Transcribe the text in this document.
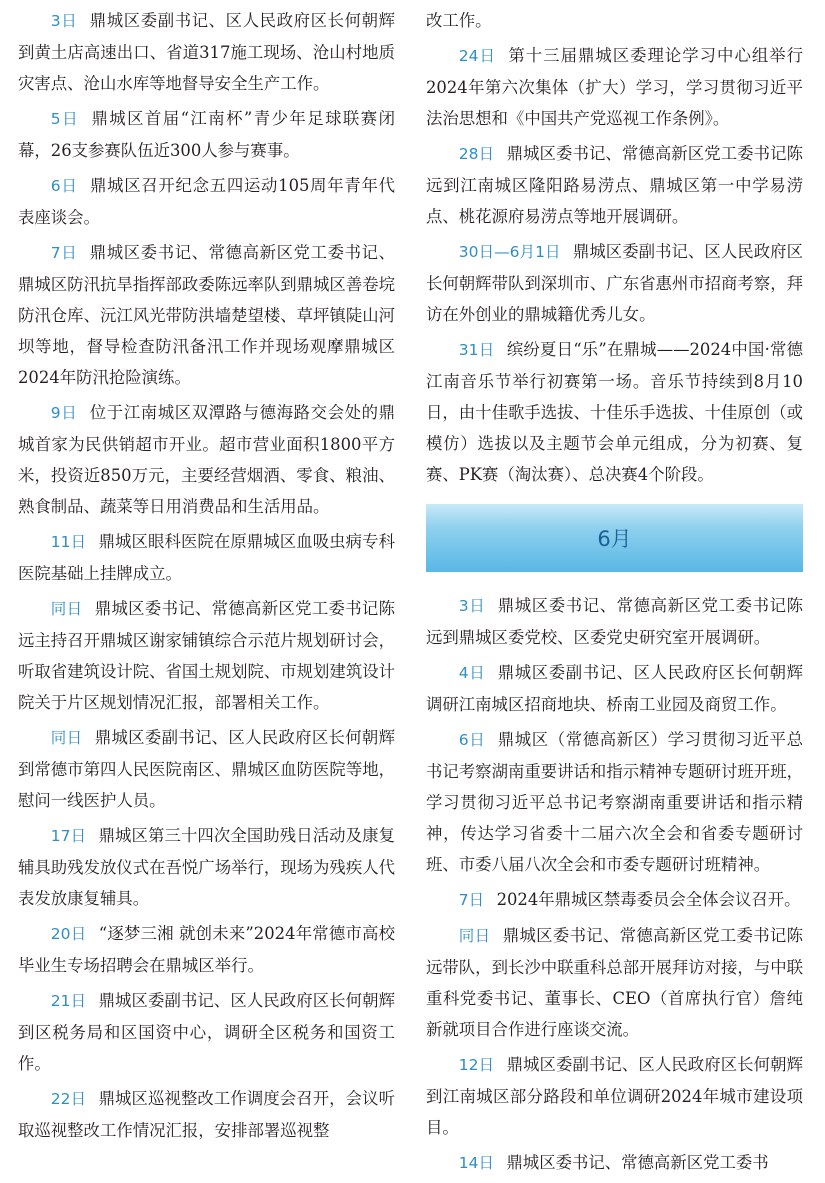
3日 鼎城区委副书记、区人民政府区长何朝辉到黄土店高速出口、省道317施工现场、沧山村地质灾害点、沧山水库等地督导安全生产工作。

5日 鼎城区首届“江南杯”青少年足球联赛闭幕，26支参赛队伍近300人参与赛事。

6日 鼎城区召开纪念五四运动105周年青年代表座谈会。

7日 鼎城区委书记、常德高新区党工委书记、鼎城区防汛抗旱指挥部政委陈远率队到鼎城区善卷垸防汛仓库、沅江风光带防洪墙楚望楼、草坪镇陡山河坝等地，督导检查防汛备汛工作并现场观摩鼎城区2024年防汛抢险演练。

9日 位于江南城区双潭路与德海路交会处的鼎城首家为民供销超市开业。超市营业面积1800平方米，投资近850万元，主要经营烟酒、零食、粮油、熟食制品、蔬菜等日用消费品和生活用品。

11日 鼎城区眼科医院在原鼎城区血吸虫病专科医院基础上挂牌成立。

同日 鼎城区委书记、常德高新区党工委书记陈远主持召开鼎城区谢家铺镇综合示范片规划研讨会，听取省建筑设计院、省国土规划院、市规划建筑设计院关于片区规划情况汇报，部署相关工作。

同日 鼎城区委副书记、区人民政府区长何朝辉到常德市第四人民医院南区、鼎城区血防医院等地，慰问一线医护人员。

17日 鼎城区第三十四次全国助残日活动及康复辅具助残发放仪式在吾悦广场举行，现场为残疾人代表发放康复辅具。

20日 “逐梦三湘 就创未来”2024年常德市高校毕业生专场招聘会在鼎城区举行。

21日 鼎城区委副书记、区人民政府区长何朝辉到区税务局和区国资中心，调研全区税务和国资工作。

22日 鼎城区巡视整改工作调度会召开，会议听取巡视整改工作情况汇报，安排部署巡视整

改工作。

24日 第十三届鼎城区委理论学习中心组举行2024年第六次集体（扩大）学习，学习贯彻习近平法治思想和《中国共产党巡视工作条例》。

28日 鼎城区委书记、常德高新区党工委书记陈远到江南城区隆阳路易涝点、鼎城区第一中学易涝点、桃花源府易涝点等地开展调研。

30日—6月1日 鼎城区委副书记、区人民政府区长何朝辉带队到深圳市、广东省惠州市招商考察，拜访在外创业的鼎城籍优秀儿女。

31日 缤纷夏日“乐”在鼎城——2024中国·常德江南音乐节举行初赛第一场。音乐节持续到8月10日，由十佳歌手选拔、十佳乐手选拔、十佳原创（或模仿）选拔以及主题节会单元组成，分为初赛、复赛、PK赛（淘汰赛）、总决赛4个阶段。

6月

3日 鼎城区委书记、常德高新区党工委书记陈远到鼎城区委党校、区委党史研究室开展调研。

4日 鼎城区委副书记、区人民政府区长何朝辉调研江南城区招商地块、桥南工业园及商贸工作。

6日 鼎城区（常德高新区）学习贯彻习近平总书记考察湖南重要讲话和指示精神专题研讨班开班，学习贯彻习近平总书记考察湖南重要讲话和指示精神，传达学习省委十二届六次全会和省委专题研讨班、市委八届八次全会和市委专题研讨班精神。

7日 2024年鼎城区禁毒委员会全体会议召开。

同日 鼎城区委书记、常德高新区党工委书记陈远带队，到长沙中联重科总部开展拜访对接，与中联重科党委书记、董事长、CEO（首席执行官）詹纯新就项目合作进行座谈交流。

12日 鼎城区委副书记、区人民政府区长何朝辉到江南城区部分路段和单位调研2024年城市建设项目。

14日 鼎城区委书记、常德高新区党工委书
